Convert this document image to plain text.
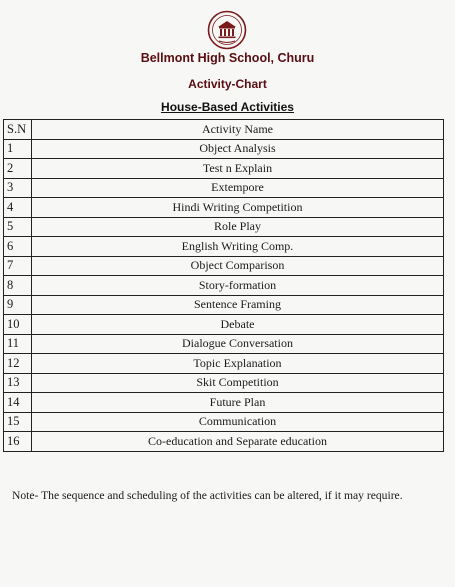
Bellmont High School, Churu
Activity-Chart
House-Based Activities
S.N	Activity Name
1	Object Analysis
2	Test n Explain
3	Extempore
4	Hindi Writing Competition
5	Role Play
6	English Writing Comp.
7	Object Comparison
8	Story-formation
9	Sentence Framing
10	Debate
11	Dialogue Conversation
12	Topic Explanation
13	Skit Competition
14	Future Plan
15	Communication
16	Co-education and Separate education
Note- The sequence and scheduling of the activities can be altered, if it may require.
